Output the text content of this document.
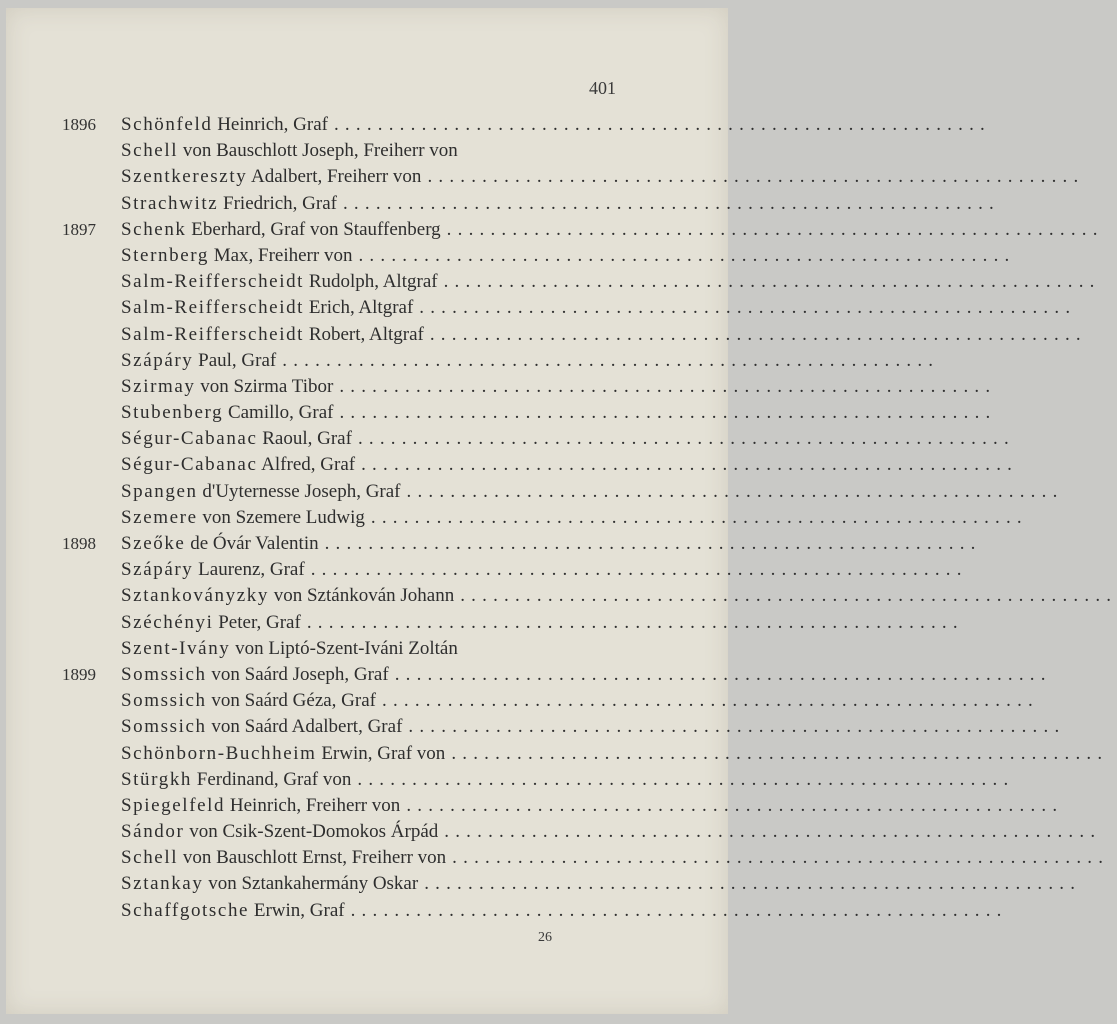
401
1896	Schönfeld Heinrich, Graf ............................................................
Schell von Bauschlott Joseph, Freiherr von
Szentkereszty Adalbert, Freiherr von ............................................................
Strachwitz Friedrich, Graf ............................................................
1897	Schenk Eberhard, Graf von Stauffenberg ............................................................
Sternberg Max, Freiherr von ............................................................
Salm-Reifferscheidt Rudolph, Altgraf ............................................................
Salm-Reifferscheidt Erich, Altgraf ............................................................
Salm-Reifferscheidt Robert, Altgraf ............................................................
Szápáry Paul, Graf ............................................................
Szirmay von Szirma Tibor ............................................................
Stubenberg Camillo, Graf ............................................................
Ségur-Cabanac Raoul, Graf ............................................................
Ségur-Cabanac Alfred, Graf ............................................................
Spangen d'Uyternesse Joseph, Graf ............................................................
Szemere von Szemere Ludwig ............................................................
1898	Szeőke de Óvár Valentin ............................................................
Szápáry Laurenz, Graf ............................................................
Sztankoványzky von Sztánkován Johann ............................................................
Széchényi Peter, Graf ............................................................
Szent-Ivány von Liptó-Szent-Iváni Zoltán
1899	Somssich von Saárd Joseph, Graf ............................................................
Somssich von Saárd Géza, Graf ............................................................
Somssich von Saárd Adalbert, Graf ............................................................
Schönborn-Buchheim Erwin, Graf von ............................................................
Stürgkh Ferdinand, Graf von ............................................................
Spiegelfeld Heinrich, Freiherr von ............................................................
Sándor von Csik-Szent-Domokos Árpád ............................................................
Schell von Bauschlott Ernst, Freiherr von ............................................................
Sztankay von Sztankahermány Oskar ............................................................
Schaffgotsche Erwin, Graf ............................................................
26
